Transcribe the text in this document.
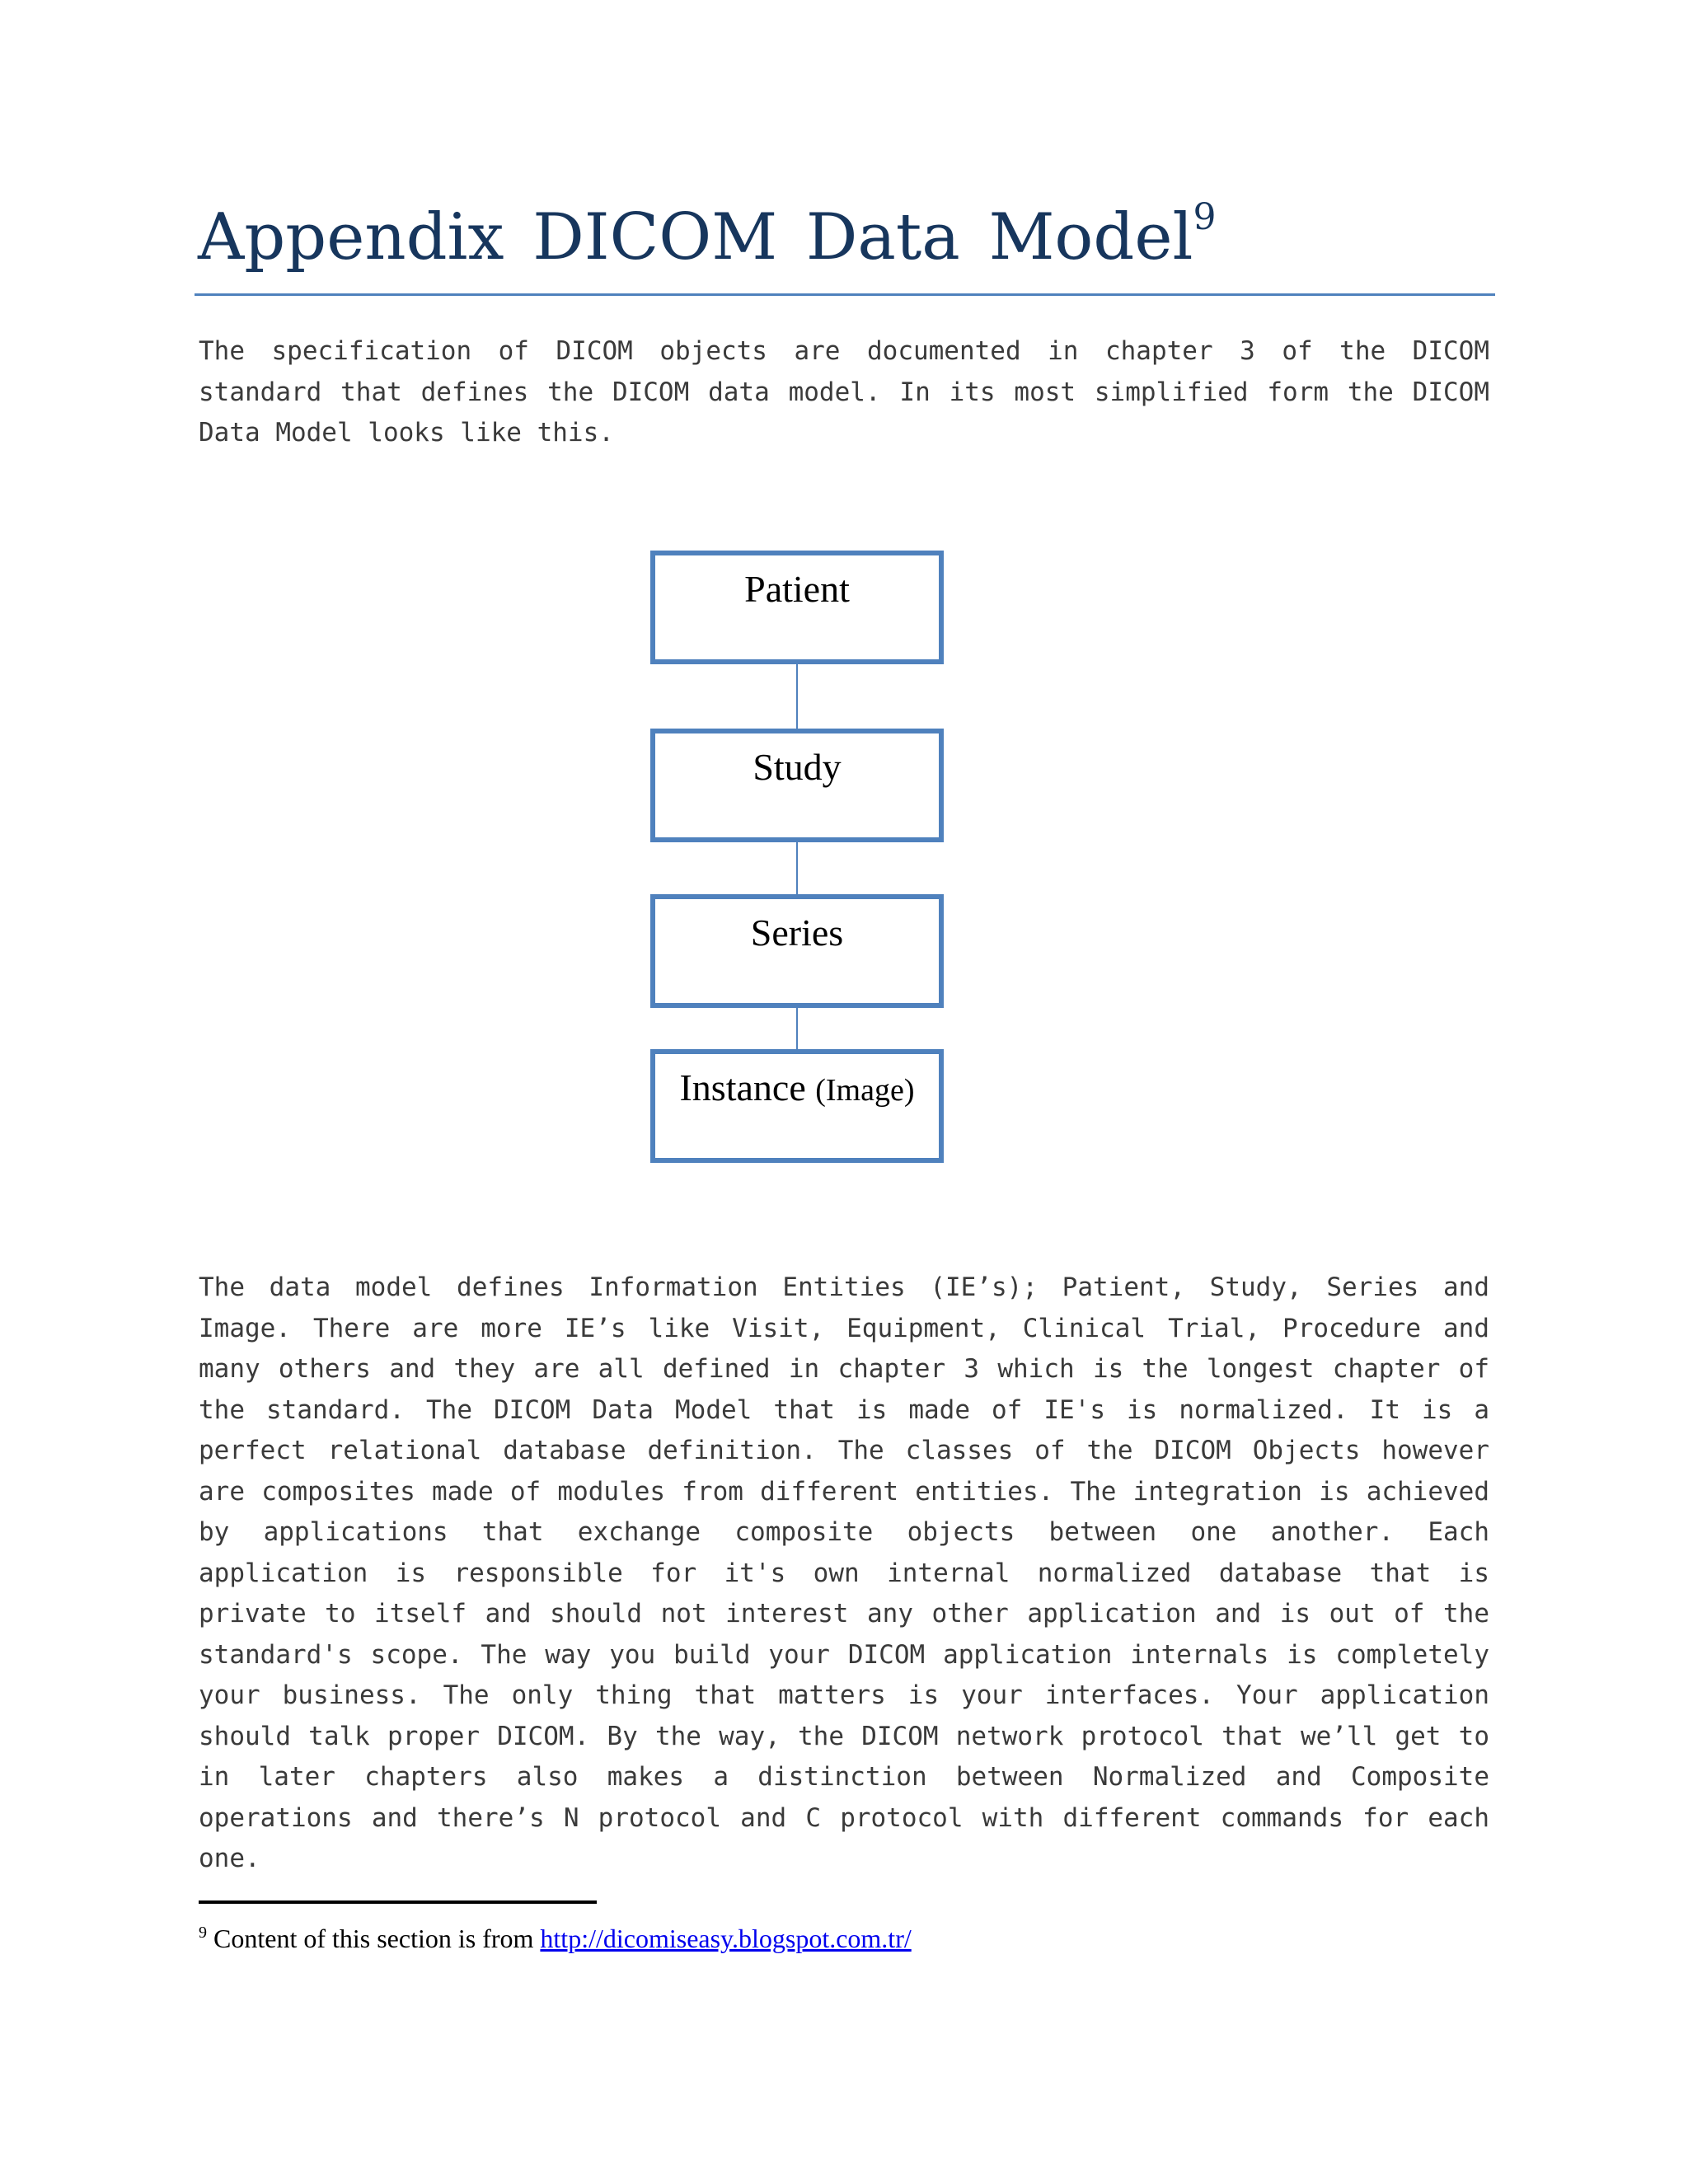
Appendix DICOM Data Model$^9$

The specification of DICOM objects are documented in chapter 3 of the DICOM standard that defines the DICOM data model. In its most simplified form the DICOM Data Model looks like this.

Patient
Study
Series
Instance (Image)

The data model defines Information Entities (IE’s); Patient, Study, Series and Image. There are more IE’s like Visit, Equipment, Clinical Trial, Procedure and many others and they are all defined in chapter 3 which is the longest chapter of the standard. The DICOM Data Model that is made of IE's is normalized. It is a perfect relational database definition. The classes of the DICOM Objects however are composites made of modules from different entities. The integration is achieved by applications that exchange composite objects between one another. Each application is responsible for it's own internal normalized database that is private to itself and should not interest any other application and is out of the standard's scope. The way you build your DICOM application internals is completely your business. The only thing that matters is your interfaces. Your application should talk proper DICOM. By the way, the DICOM network protocol that we’ll get to in later chapters also makes a distinction between Normalized and Composite operations and there’s N protocol and C protocol with different commands for each one.

$^9$ Content of this section is from http://dicomiseasy.blogspot.com.tr/
